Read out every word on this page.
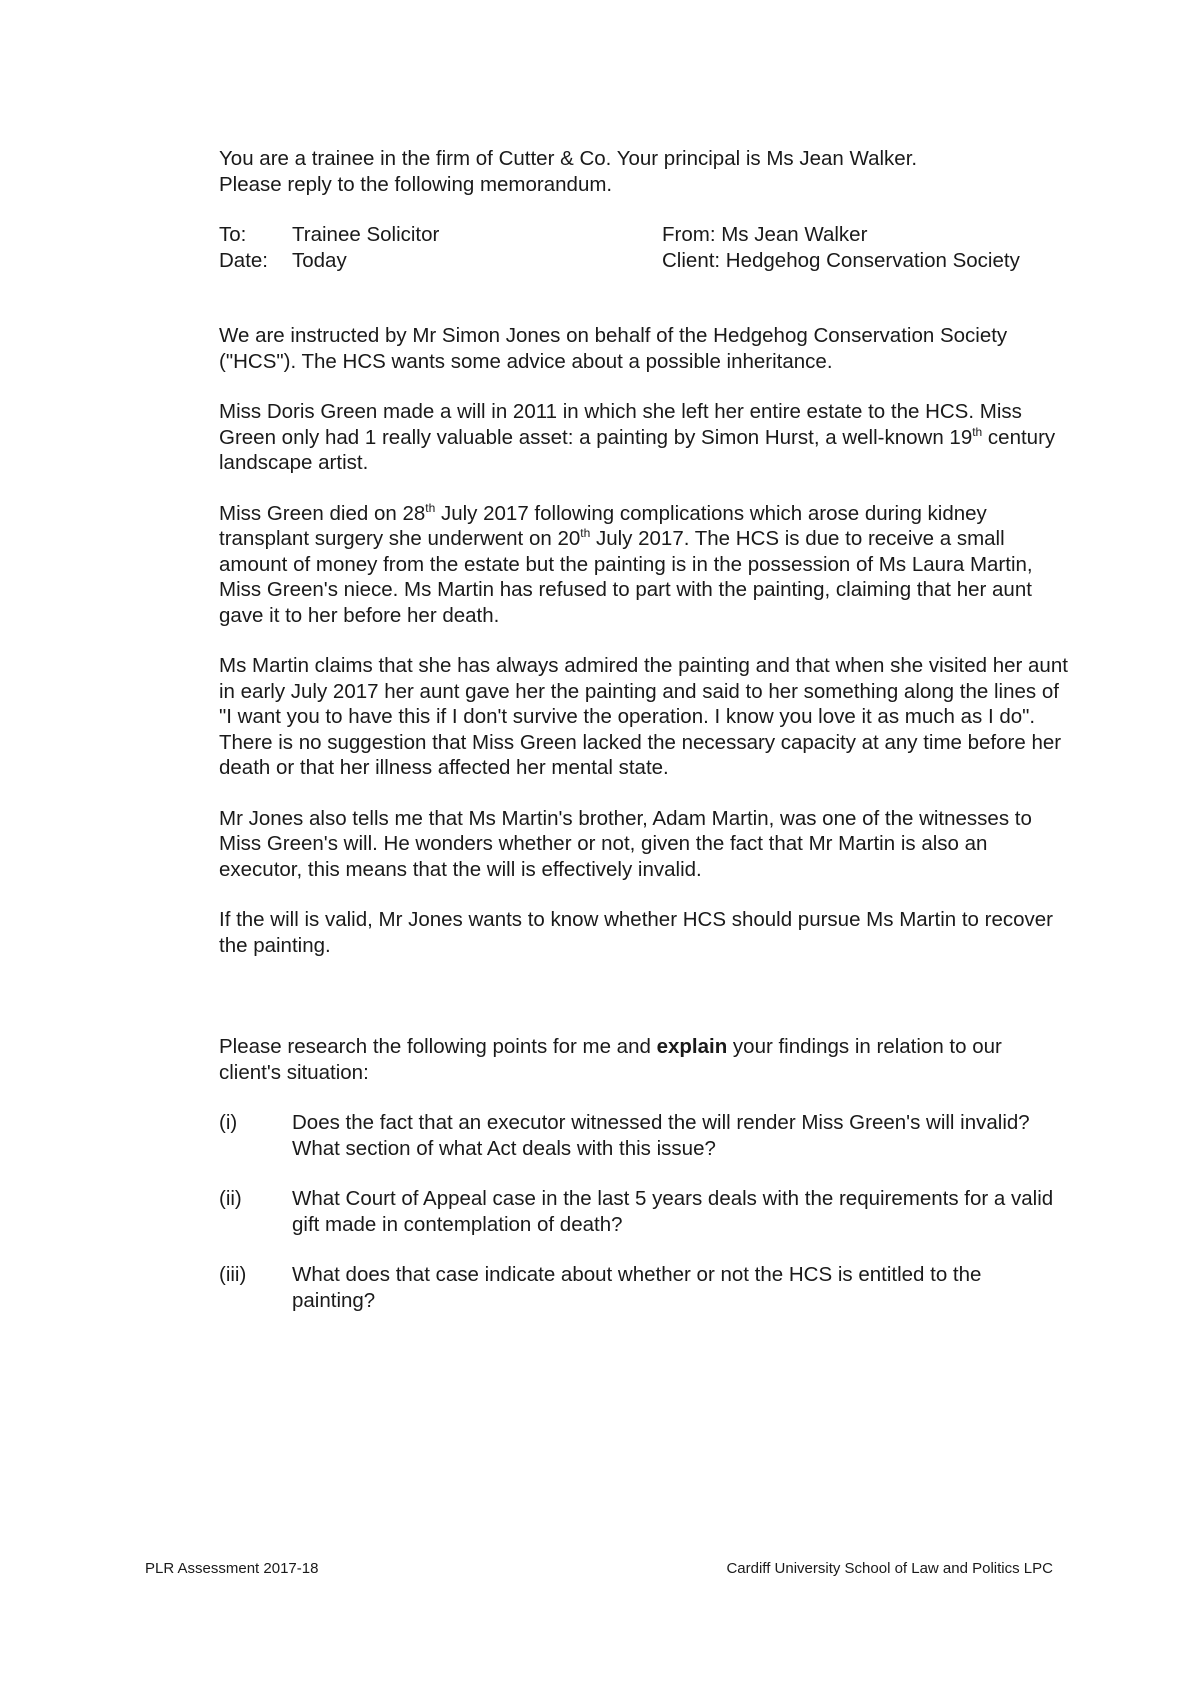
You are a trainee in the firm of Cutter & Co. Your principal is Ms Jean Walker.

Please reply to the following memorandum.

To:	Trainee Solicitor	From: Ms Jean Walker
Date:	Today	Client: Hedgehog Conservation Society

We are instructed by Mr Simon Jones on behalf of the Hedgehog Conservation Society ("HCS"). The HCS wants some advice about a possible inheritance.

Miss Doris Green made a will in 2011 in which she left her entire estate to the HCS. Miss Green only had 1 really valuable asset: a painting by Simon Hurst, a well-known 19th century landscape artist.

Miss Green died on 28th July 2017 following complications which arose during kidney transplant surgery she underwent on 20th July 2017. The HCS is due to receive a small amount of money from the estate but the painting is in the possession of Ms Laura Martin, Miss Green's niece. Ms Martin has refused to part with the painting, claiming that her aunt gave it to her before her death.

Ms Martin claims that she has always admired the painting and that when she visited her aunt in early July 2017 her aunt gave her the painting and said to her something along the lines of "I want you to have this if I don't survive the operation. I know you love it as much as I do". There is no suggestion that Miss Green lacked the necessary capacity at any time before her death or that her illness affected her mental state.

Mr Jones also tells me that Ms Martin's brother, Adam Martin, was one of the witnesses to Miss Green's will. He wonders whether or not, given the fact that Mr Martin is also an executor, this means that the will is effectively invalid.

If the will is valid, Mr Jones wants to know whether HCS should pursue Ms Martin to recover the painting.

Please research the following points for me and explain your findings in relation to our client's situation:

(i)	Does the fact that an executor witnessed the will render Miss Green's will invalid? What section of what Act deals with this issue?
(ii)	What Court of Appeal case in the last 5 years deals with the requirements for a valid gift made in contemplation of death?
(iii)	What does that case indicate about whether or not the HCS is entitled to the painting?
PLR Assessment 2017-18	Cardiff University School of Law and Politics LPC
